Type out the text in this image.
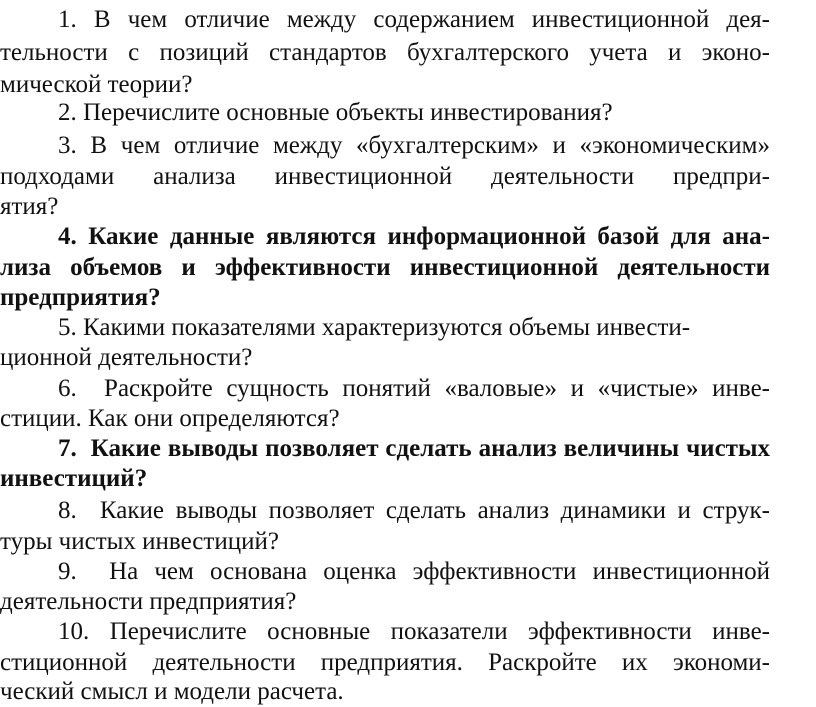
1. В чем отличие между содержанием инвестиционной дея-
тельности с позиций стандартов бухгалтерского учета и эконо-
мической теории?
2. Перечислите основные объекты инвестирования?
3. В чем отличие между «бухгалтерским» и «экономическим»
подходами анализа инвестиционной деятельности предпри-
ятия?
4. Какие данные являются информационной базой для ана-
лиза объемов и эффективности инвестиционной деятельности
предприятия?
5. Какими показателями характеризуются объемы инвести-
ционной деятельности?
6. Раскройте сущность понятий «валовые» и «чистые» инве-
стиции. Как они определяются?
7. Какие выводы позволяет сделать анализ величины чистых
инвестиций?
8. Какие выводы позволяет сделать анализ динамики и струк-
туры чистых инвестиций?
9. На чем основана оценка эффективности инвестиционной
деятельности предприятия?
10. Перечислите основные показатели эффективности инве-
стиционной деятельности предприятия. Раскройте их экономи-
ческий смысл и модели расчета.
